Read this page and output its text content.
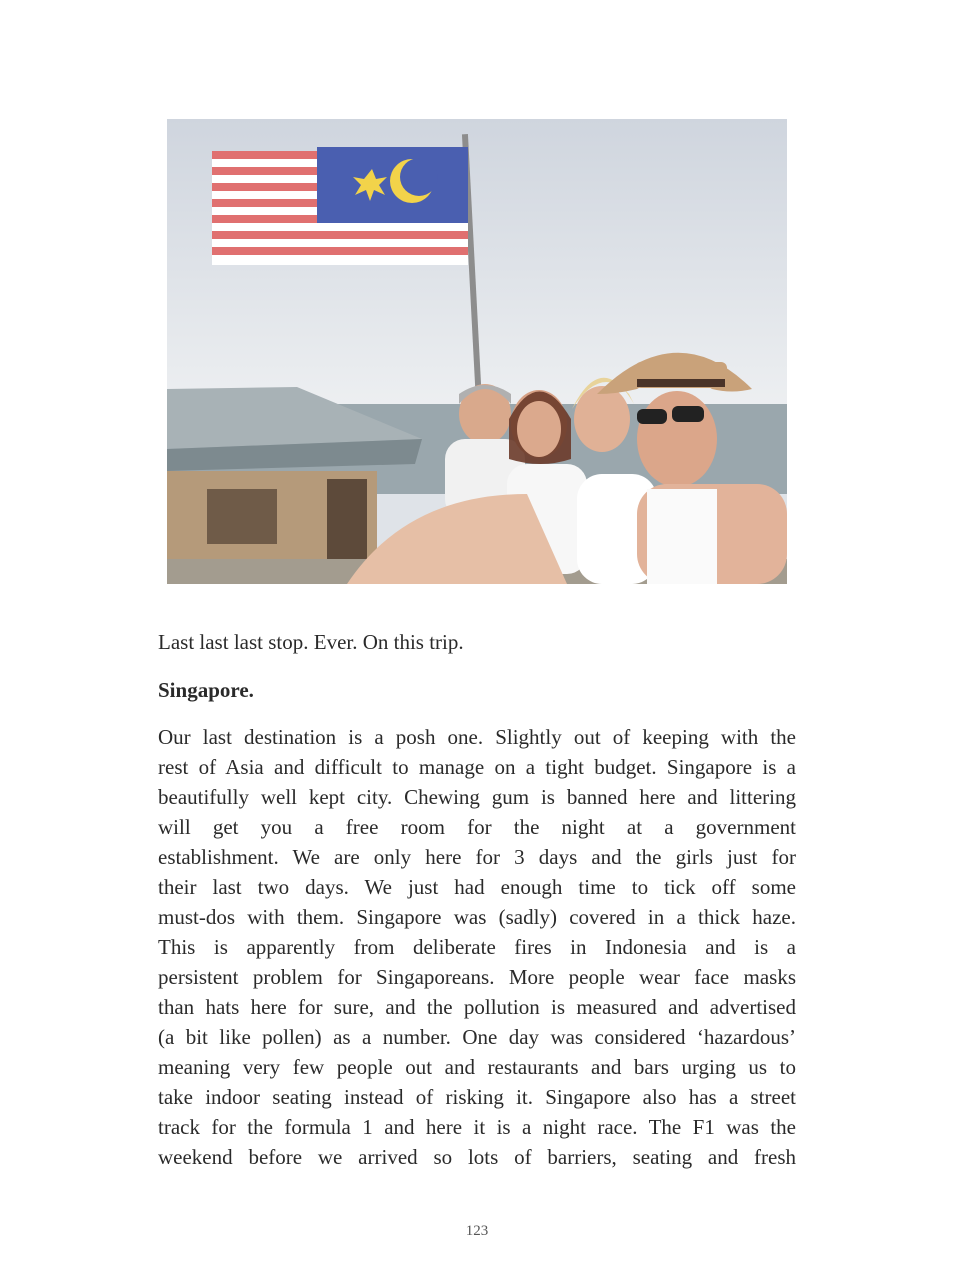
Last last last stop. Ever. On this trip.

Singapore.

Our last destination is a posh one. Slightly out of keeping with the
rest of Asia and difficult to manage on a tight budget. Singapore is a
beautifully well kept city. Chewing gum is banned here and littering
will get you a free room for the night at a government
establishment. We are only here for 3 days and the girls just for
their last two days. We just had enough time to tick off some
must-dos with them. Singapore was (sadly) covered in a thick haze.
This is apparently from deliberate fires in Indonesia and is a
persistent problem for Singaporeans. More people wear face masks
than hats here for sure, and the pollution is measured and advertised
(a bit like pollen) as a number. One day was considered ‘hazardous’
meaning very few people out and restaurants and bars urging us to
take indoor seating instead of risking it. Singapore also has a street
track for the formula 1 and here it is a night race. The F1 was the
weekend before we arrived so lots of barriers, seating and fresh
123
